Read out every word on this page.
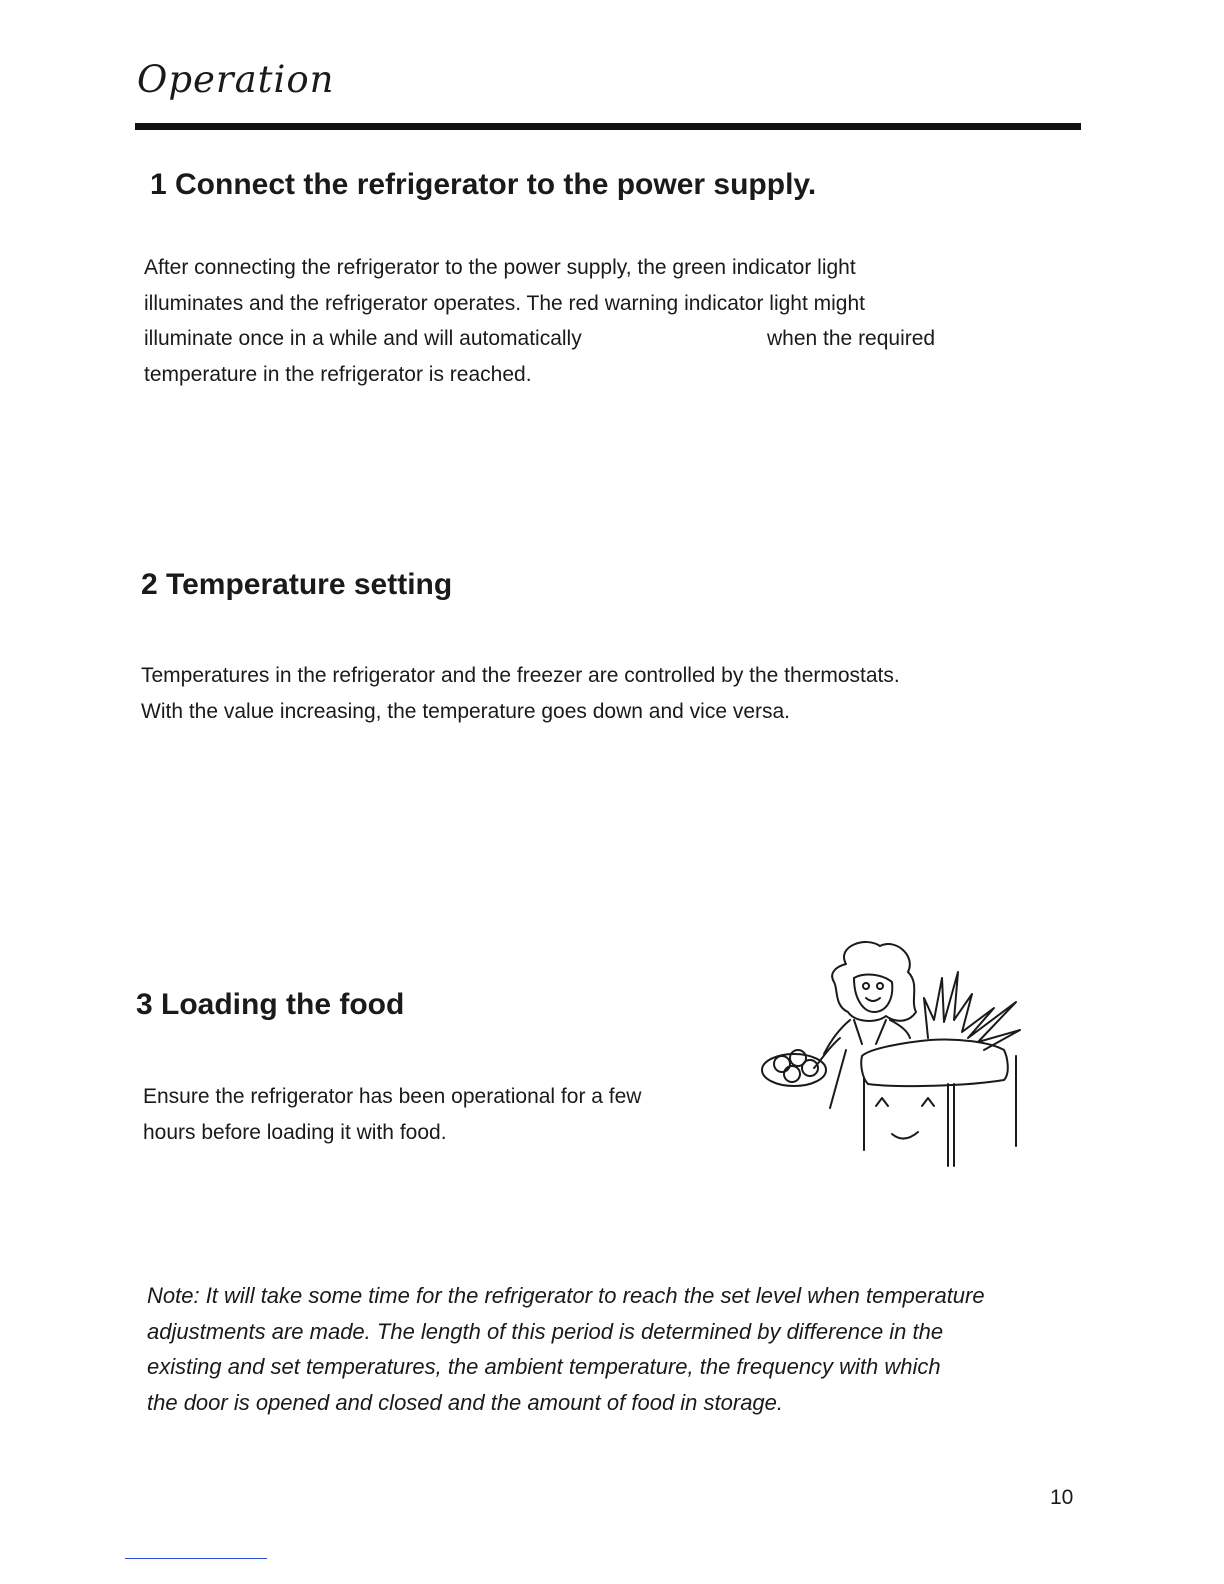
Operation
1 Connect the refrigerator to the power supply.
After connecting the refrigerator to the power supply, the green indicator light
illuminates and the refrigerator operates. The red warning indicator light might
illuminate once in a while and will automatically	when the required
temperature in the refrigerator is reached.
2 Temperature setting
Temperatures in the refrigerator and the freezer are controlled by the thermostats.
With the value increasing, the temperature goes down and vice versa.
3 Loading the food
Ensure the refrigerator has been operational for a few
hours before loading it with food.
Note: It will take some time for the refrigerator to reach the set level when temperature
adjustments are made. The length of this period is determined by difference in the
existing and set temperatures, the ambient temperature, the frequency with which
the door is opened and closed and the amount of food in storage.
10
